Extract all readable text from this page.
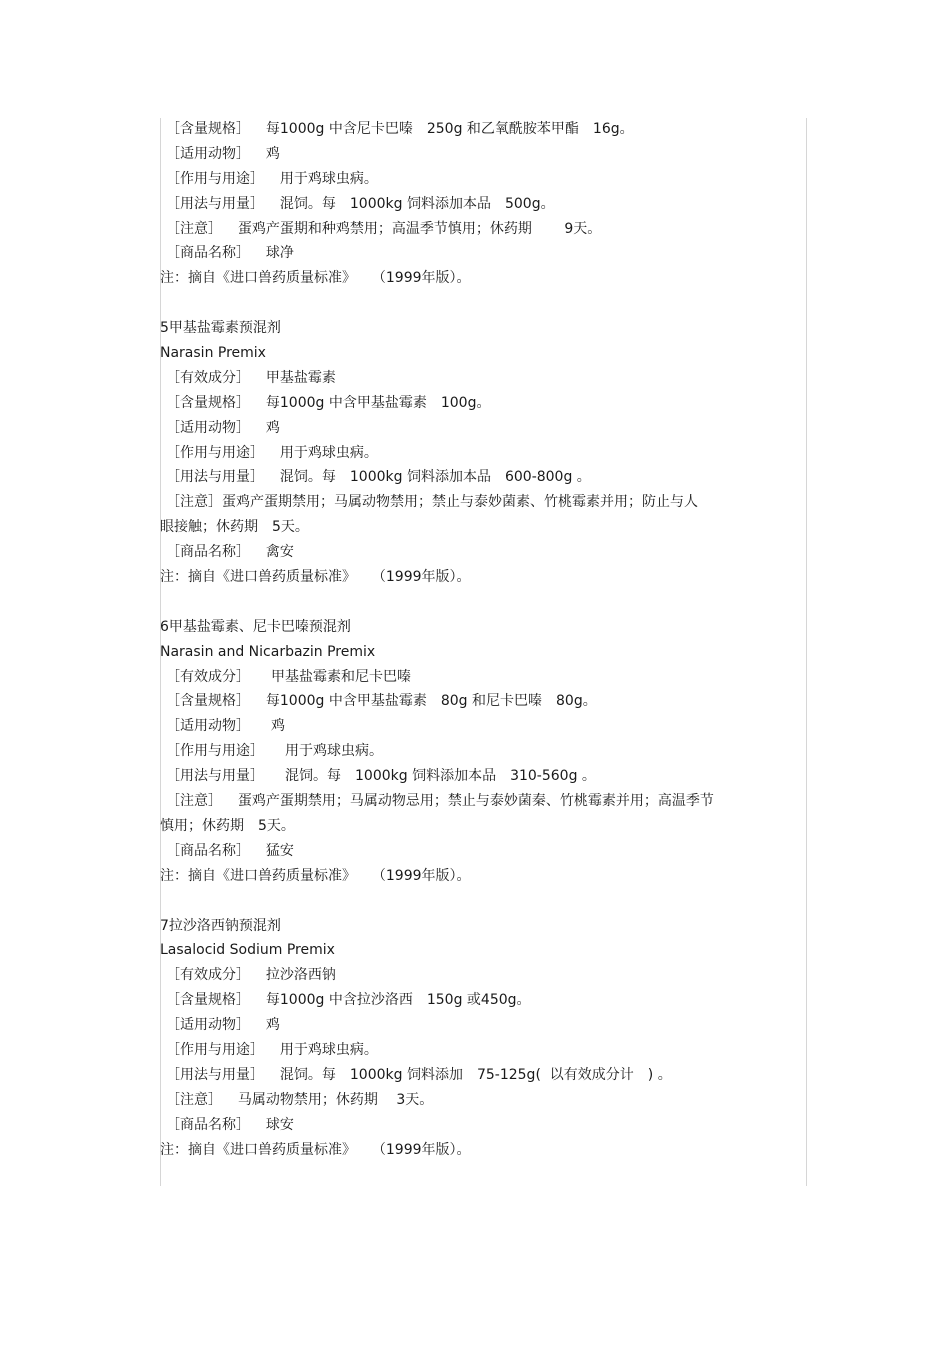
［含量规格］　  每1000g 中含尼卡巴嗪　250g 和乙氧酰胺苯甲酯　16g。
［适用动物］　  鸡
［作用与用途］　  用于鸡球虫病。
［用法与用量］　  混饲。每　1000kg 饲料添加本品　500g。
［注意］　  蛋鸡产蛋期和种鸡禁用；高温季节慎用；休药期　　 9天。
［商品名称］　  球净
注：摘自《进口兽药质量标准》　  （1999年版）。
5甲基盐霉素预混剂
Narasin Premix
［有效成分］　  甲基盐霉素
［含量规格］　  每1000g 中含甲基盐霉素　100g。
［适用动物］　  鸡
［作用与用途］　  用于鸡球虫病。
［用法与用量］　  混饲。每　1000kg 饲料添加本品　600-800g 。
［注意］蛋鸡产蛋期禁用；马属动物禁用；禁止与泰妙菌素、竹桃霉素并用；防止与人
眼接触；休药期　5天。
［商品名称］　  禽安
注：摘自《进口兽药质量标准》　  （1999年版）。
6甲基盐霉素、尼卡巴嗪预混剂
Narasin and Nicarbazin Premix
［有效成分］　　甲基盐霉素和尼卡巴嗪
［含量规格］　  每1000g 中含甲基盐霉素　80g 和尼卡巴嗪　80g。
［适用动物］　　鸡
［作用与用途］　　用于鸡球虫病。
［用法与用量］　　混饲。每　1000kg 饲料添加本品　310-560g 。
［注意］　  蛋鸡产蛋期禁用；马属动物忌用；禁止与泰妙菌秦、竹桃霉素并用；高温季节
慎用；休药期　5天。
［商品名称］　  猛安
注：摘自《进口兽药质量标准》　  （1999年版）。
7拉沙洛西钠预混剂
Lasalocid Sodium Premix
［有效成分］　  拉沙洛西钠
［含量规格］　  每1000g 中含拉沙洛西　150g 或450g。
［适用动物］　  鸡
［作用与用途］　  用于鸡球虫病。
［用法与用量］　  混饲。每　1000kg 饲料添加　75-125g(  以有效成分计　) 。
［注意］　  马属动物禁用；休药期　 3天。
［商品名称］　  球安
注：摘自《进口兽药质量标准》　  （1999年版）。
